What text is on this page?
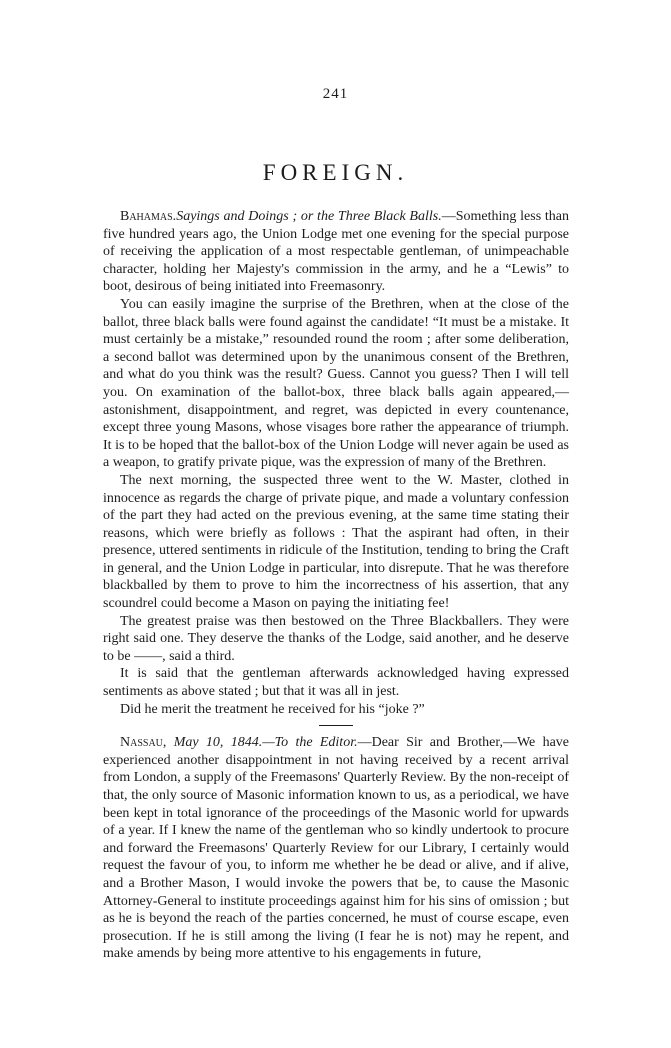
241
FOREIGN.

Bahamas.Sayings and Doings ; or the Three Black Balls.—Something less than five hundred years ago, the Union Lodge met one evening for the special purpose of receiving the application of a most respectable gentleman, of unimpeachable character, holding her Majesty's commission in the army, and he a “Lewis” to boot, desirous of being initiated into Freemasonry.

You can easily imagine the surprise of the Brethren, when at the close of the ballot, three black balls were found against the candidate! “It must be a mistake. It must certainly be a mistake,” resounded round the room ; after some deliberation, a second ballot was determined upon by the unanimous consent of the Brethren, and what do you think was the result? Guess. Cannot you guess? Then I will tell you. On examination of the ballot-box, three black balls again appeared,—astonishment, disappointment, and regret, was depicted in every countenance, except three young Masons, whose visages bore rather the appearance of triumph. It is to be hoped that the ballot-box of the Union Lodge will never again be used as a weapon, to gratify private pique, was the expression of many of the Brethren.

The next morning, the suspected three went to the W. Master, clothed in innocence as regards the charge of private pique, and made a voluntary confession of the part they had acted on the previous evening, at the same time stating their reasons, which were briefly as follows : That the aspirant had often, in their presence, uttered sentiments in ridicule of the Institution, tending to bring the Craft in general, and the Union Lodge in particular, into disrepute. That he was therefore blackballed by them to prove to him the incorrectness of his assertion, that any scoundrel could become a Mason on paying the initiating fee!

The greatest praise was then bestowed on the Three Blackballers. They were right said one. They deserve the thanks of the Lodge, said another, and he deserve to be ——, said a third.

It is said that the gentleman afterwards acknowledged having expressed sentiments as above stated ; but that it was all in jest.

Did he merit the treatment he received for his “joke ?”

Nassau, May 10, 1844.—To the Editor.—Dear Sir and Brother,—We have experienced another disappointment in not having received by a recent arrival from London, a supply of the Freemasons' Quarterly Review. By the non-receipt of that, the only source of Masonic information known to us, as a periodical, we have been kept in total ignorance of the proceedings of the Masonic world for upwards of a year. If I knew the name of the gentleman who so kindly undertook to procure and forward the Freemasons' Quarterly Review for our Library, I certainly would request the favour of you, to inform me whether he be dead or alive, and if alive, and a Brother Mason, I would invoke the powers that be, to cause the Masonic Attorney-General to institute proceedings against him for his sins of omission ; but as he is beyond the reach of the parties concerned, he must of course escape, even prosecution. If he is still among the living (I fear he is not) may he repent, and make amends by being more attentive to his engagements in future,
